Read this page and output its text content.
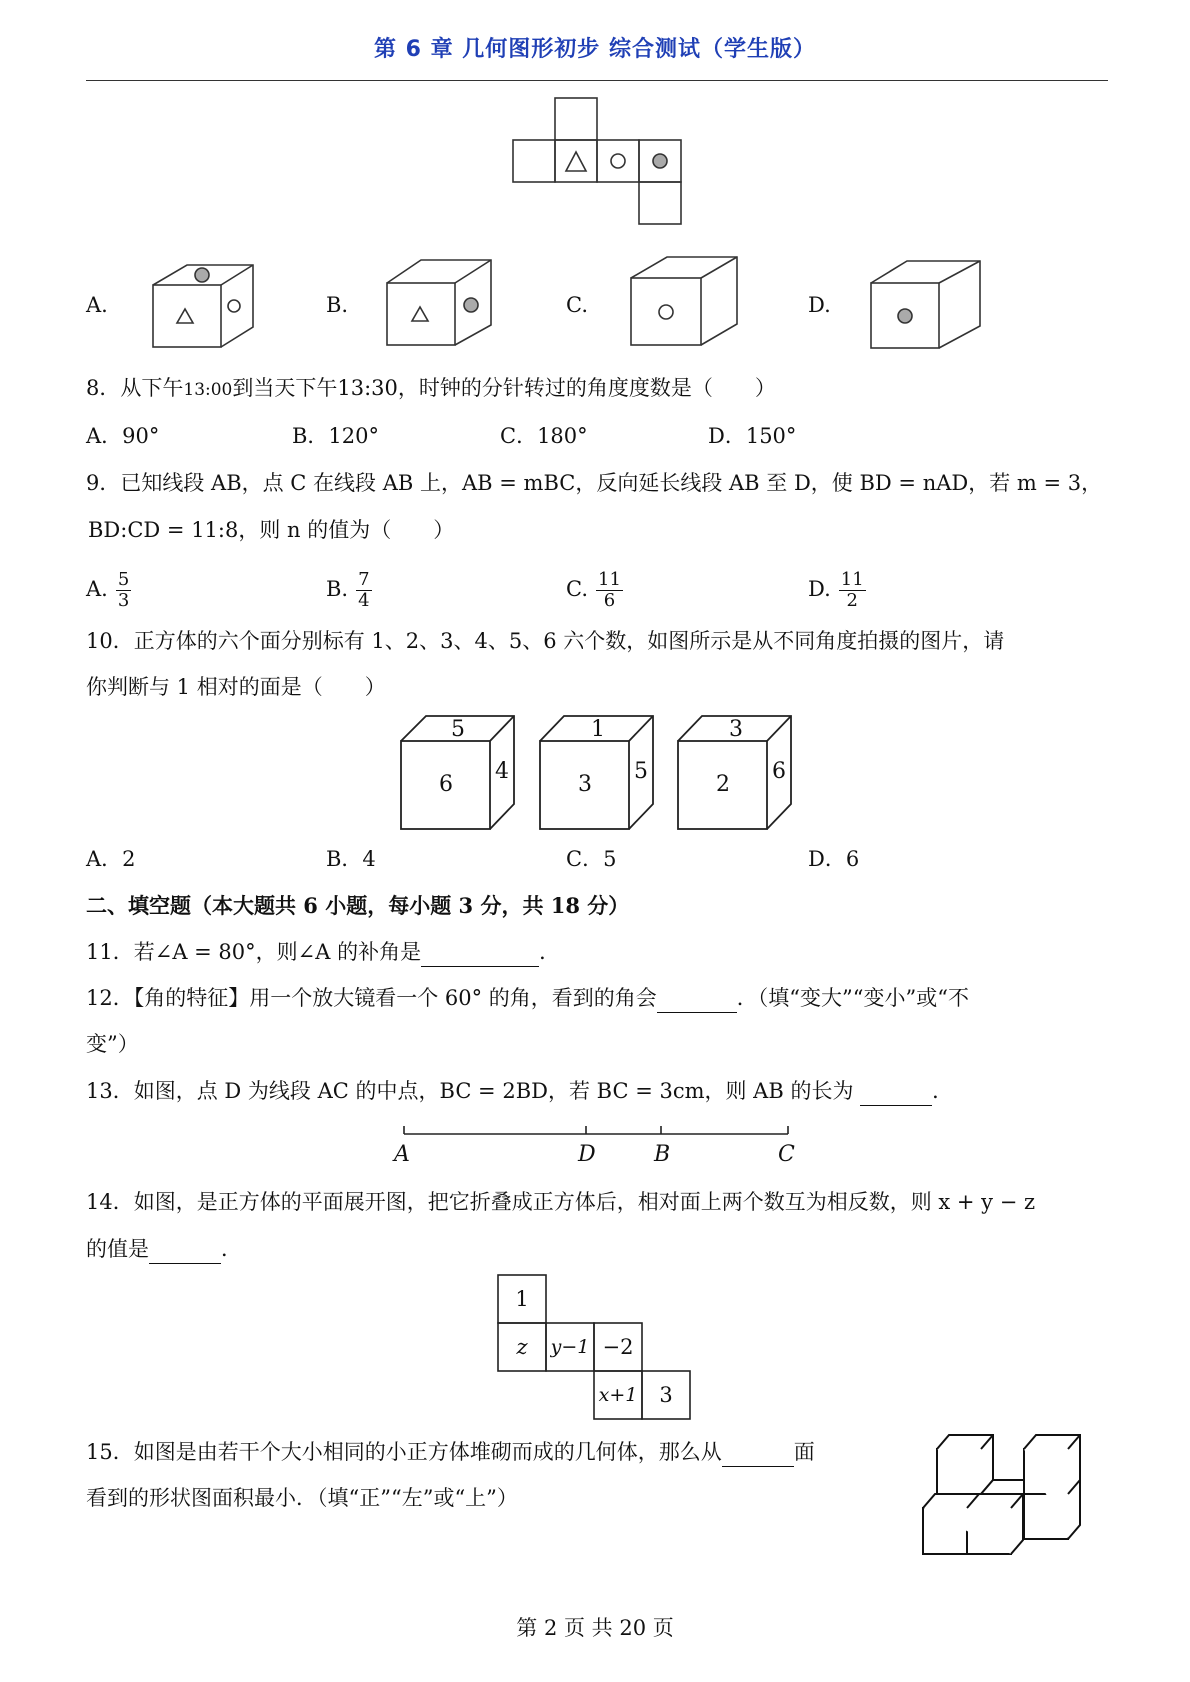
第 6 章 几何图形初步 综合测试（学生版）
A.	B.	C.	D.
8．从下午13:00到当天下午13:30，时钟的分针转过的角度度数是（　　）
A．90°	B．120°	C．180°	D．150°
9．已知线段 AB，点 C 在线段 AB 上，AB = mBC，反向延长线段 AB 至 D，使 BD = nAD，若 m = 3，
BD:CD = 11:8，则 n 的值为（　　）
A. $\frac{5}{3}$	B. $\frac{7}{4}$	C. $\frac{11}{6}$	D. $\frac{11}{2}$
10．正方体的六个面分别标有 1、2、3、4、5、6 六个数，如图所示是从不同角度拍摄的图片，请
你判断与 1 相对的面是（　　）
5
6
4
1
3
5
3
2
6
A．2	B．4	C．5	D．6
二、填空题（本大题共 6 小题，每小题 3 分，共 18 分）
11．若∠A = 80°，则∠A 的补角是	．
12．【角的特征】用一个放大镜看一个 60° 的角，看到的角会	．（填“变大”“变小”或“不
变”）
13．如图，点 D 为线段 AC 的中点，BC = 2BD，若 BC = 3cm，则 AB 的长为	．
A	D	B	C
14．如图，是正方体的平面展开图，把它折叠成正方体后，相对面上两个数互为相反数，则 x + y − z
的值是	．
1
z	y−1 −2
x+1	3
15．如图是由若干个大小相同的小正方体堆砌而成的几何体，那么从	面
看到的形状图面积最小．（填“正”“左”或“上”）
第 2 页 共 20 页
